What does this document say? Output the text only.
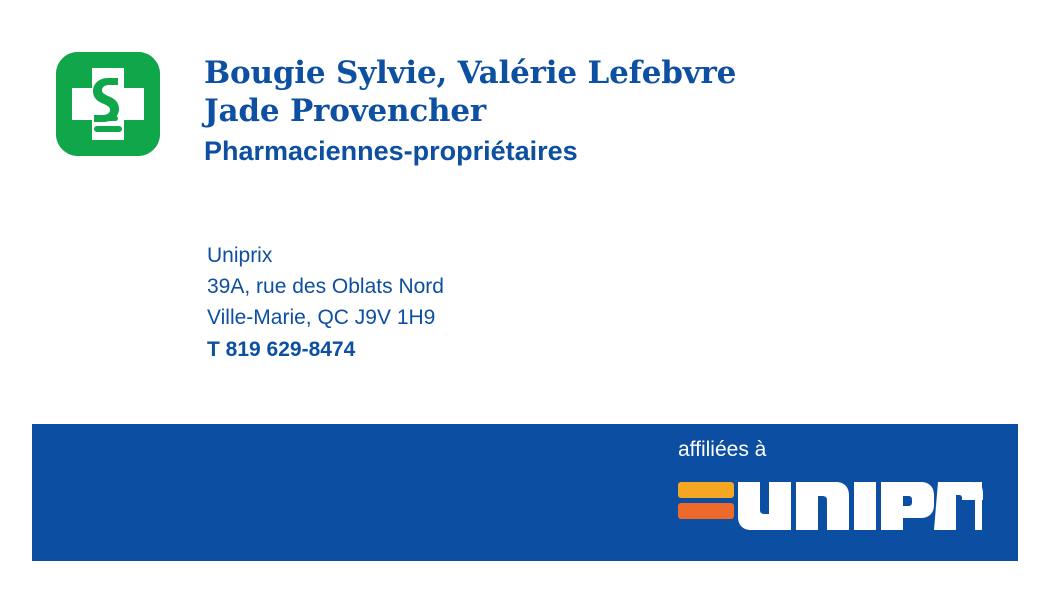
Bougie Sylvie, Valérie Lefebvre
Jade Provencher
Pharmaciennes-propriétaires
Uniprix
39A, rue des Oblats Nord
Ville-Marie, QC J9V 1H9
T 819 629-8474
affiliées à
